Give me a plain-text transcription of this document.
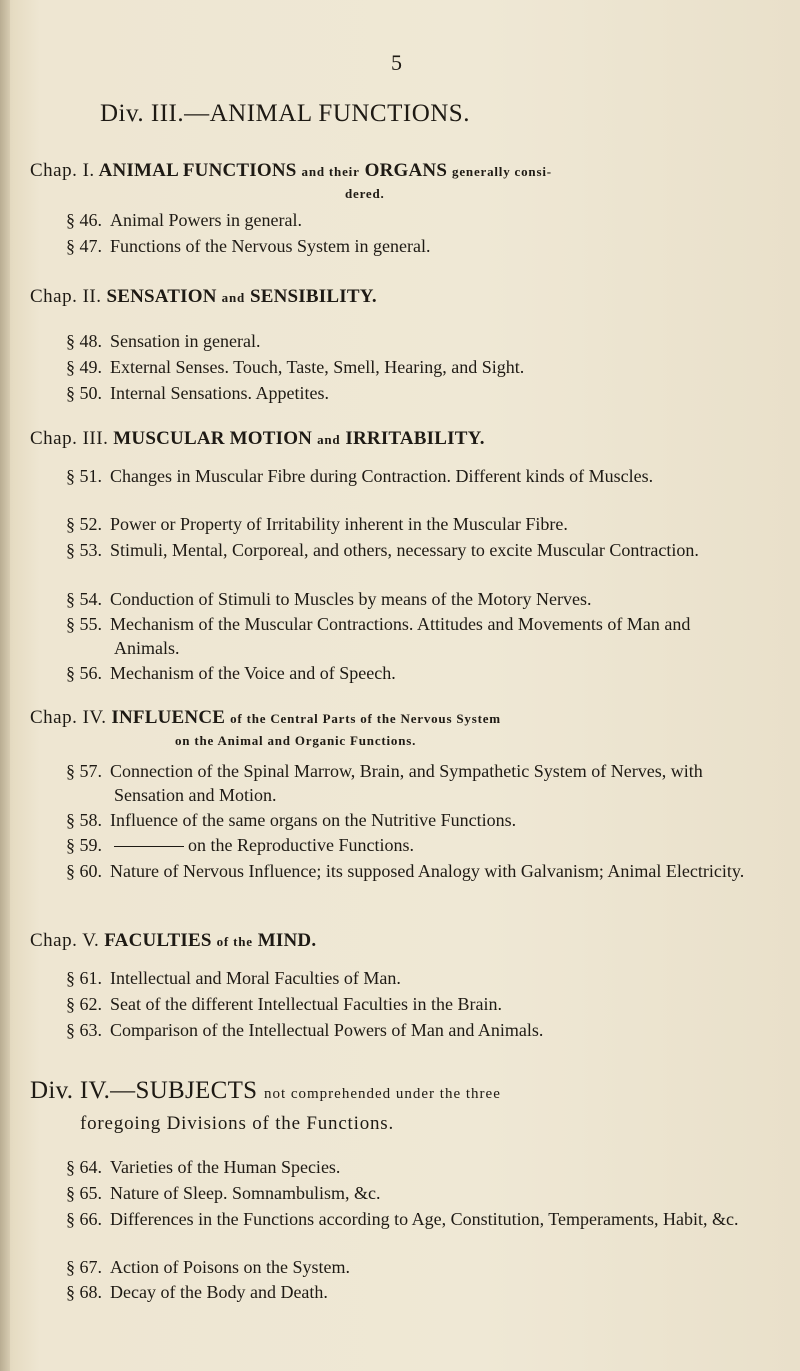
5
Div. III.—ANIMAL FUNCTIONS.
Chap. I. ANIMAL FUNCTIONS and their ORGANS generally consi-
dered.
§ 46. Animal Powers in general.
§ 47. Functions of the Nervous System in general.
Chap. II. SENSATION and SENSIBILITY.
§ 48. Sensation in general.
§ 49. External Senses. Touch, Taste, Smell, Hearing, and Sight.
§ 50. Internal Sensations. Appetites.
Chap. III. MUSCULAR MOTION and IRRITABILITY.
§ 51. Changes in Muscular Fibre during Contraction. Different kinds of Muscles.
§ 52. Power or Property of Irritability inherent in the Muscular Fibre.
§ 53. Stimuli, Mental, Corporeal, and others, necessary to excite Muscular Contraction.
§ 54. Conduction of Stimuli to Muscles by means of the Motory Nerves.
§ 55. Mechanism of the Muscular Contractions. Attitudes and Movements of Man and Animals.
§ 56. Mechanism of the Voice and of Speech.
Chap. IV. INFLUENCE of the Central Parts of the Nervous System
on the Animal and Organic Functions.
§ 57. Connection of the Spinal Marrow, Brain, and Sympathetic System of Nerves, with Sensation and Motion.
§ 58. Influence of the same organs on the Nutritive Functions.
§ 59.	on the Reproductive Functions.
§ 60. Nature of Nervous Influence; its supposed Analogy with Galvanism; Animal Electricity.
Chap. V. FACULTIES of the MIND.
§ 61. Intellectual and Moral Faculties of Man.
§ 62. Seat of the different Intellectual Faculties in the Brain.
§ 63. Comparison of the Intellectual Powers of Man and Animals.
Div. IV.—SUBJECTS not comprehended under the three
foregoing Divisions of the Functions.
§ 64. Varieties of the Human Species.
§ 65. Nature of Sleep. Somnambulism, &c.
§ 66. Differences in the Functions according to Age, Constitution, Temperaments, Habit, &c.
§ 67. Action of Poisons on the System.
§ 68. Decay of the Body and Death.
